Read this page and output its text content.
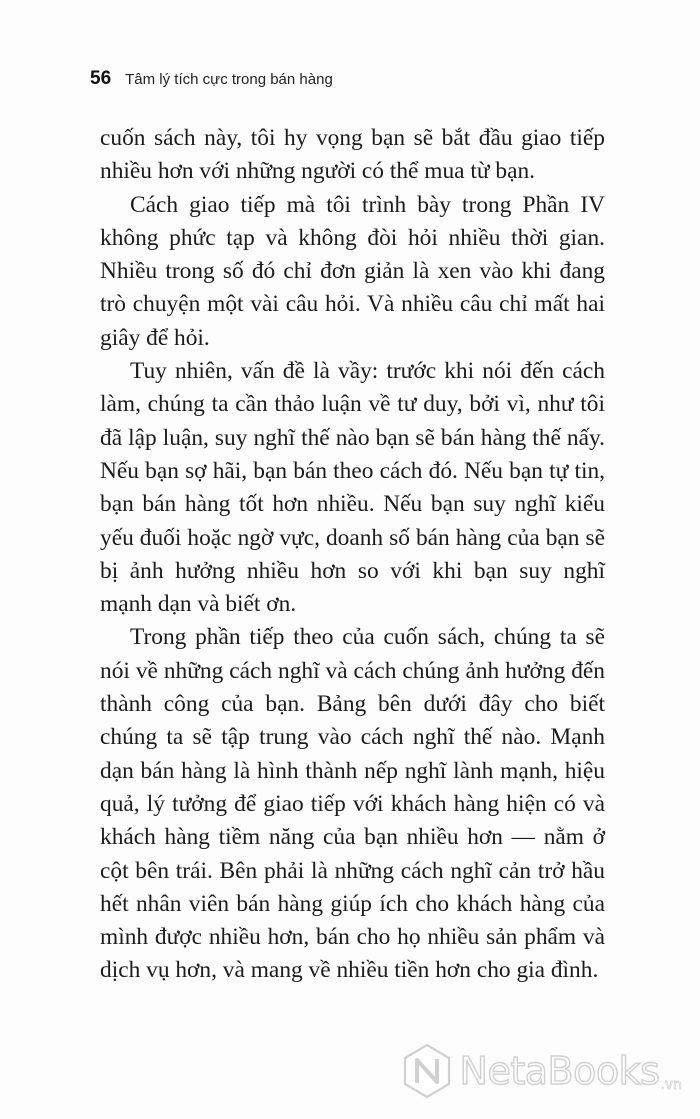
56 Tâm lý tích cực trong bán hàng

cuốn sách này, tôi hy vọng bạn sẽ bắt đầu giao tiếp nhiều hơn với những người có thể mua từ bạn.

Cách giao tiếp mà tôi trình bày trong Phần IV không phức tạp và không đòi hỏi nhiều thời gian. Nhiều trong số đó chỉ đơn giản là xen vào khi đang trò chuyện một vài câu hỏi. Và nhiều câu chỉ mất hai giây để hỏi.

Tuy nhiên, vấn đề là vầy: trước khi nói đến cách làm, chúng ta cần thảo luận về tư duy, bởi vì, như tôi đã lập luận, suy nghĩ thế nào bạn sẽ bán hàng thế nấy. Nếu bạn sợ hãi, bạn bán theo cách đó. Nếu bạn tự tin, bạn bán hàng tốt hơn nhiều. Nếu bạn suy nghĩ kiểu yếu đuối hoặc ngờ vực, doanh số bán hàng của bạn sẽ bị ảnh hưởng nhiều hơn so với khi bạn suy nghĩ mạnh dạn và biết ơn.

Trong phần tiếp theo của cuốn sách, chúng ta sẽ nói về những cách nghĩ và cách chúng ảnh hưởng đến thành công của bạn. Bảng bên dưới đây cho biết chúng ta sẽ tập trung vào cách nghĩ thế nào. Mạnh dạn bán hàng là hình thành nếp nghĩ lành mạnh, hiệu quả, lý tưởng để giao tiếp với khách hàng hiện có và khách hàng tiềm năng của bạn nhiều hơn — nằm ở cột bên trái. Bên phải là những cách nghĩ cản trở hầu hết nhân viên bán hàng giúp ích cho khách hàng của mình được nhiều hơn, bán cho họ nhiều sản phẩm và dịch vụ hơn, và mang về nhiều tiền hơn cho gia đình.

NetaBooks .vn
